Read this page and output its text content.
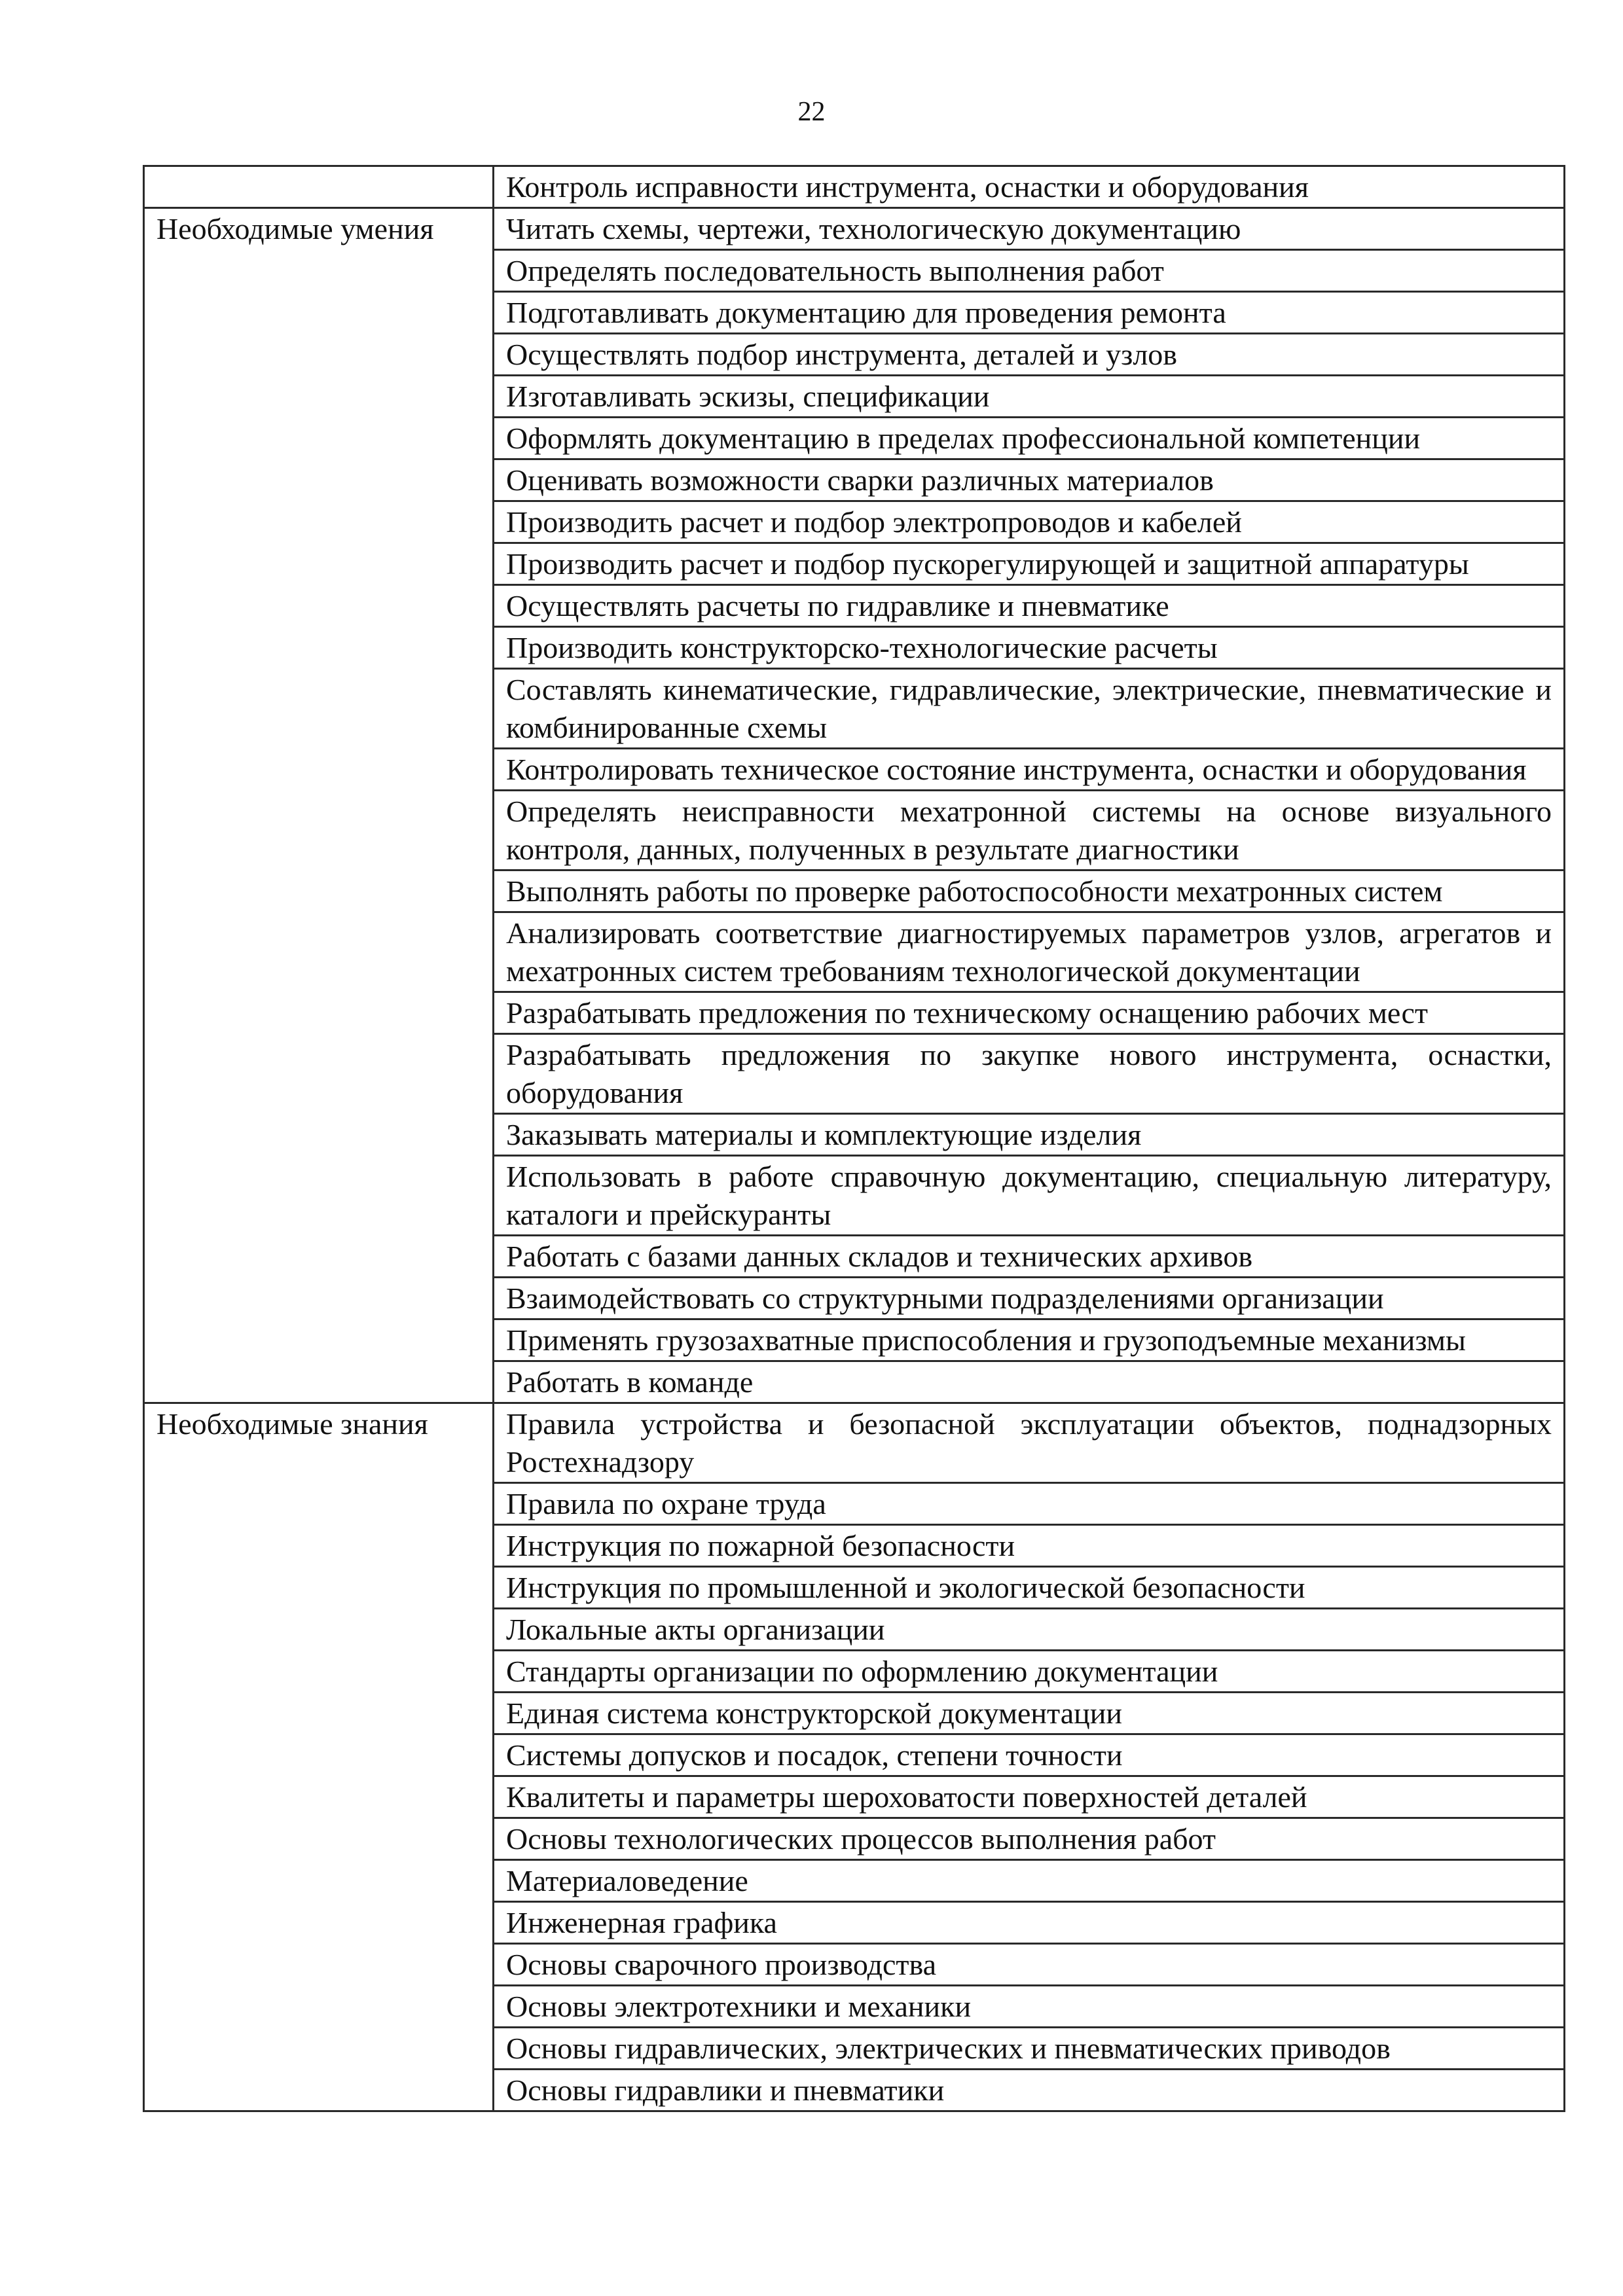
22
	Контроль исправности инструмента, оснастки и оборудования
Необходимые умения	Читать схемы, чертежи, технологическую документацию
	Определять последовательность выполнения работ
	Подготавливать документацию для проведения ремонта
	Осуществлять подбор инструмента, деталей и узлов
	Изготавливать эскизы, спецификации
	Оформлять документацию в пределах профессиональной компетенции
	Оценивать возможности сварки различных материалов
	Производить расчет и подбор электропроводов и кабелей
	Производить расчет и подбор пускорегулирующей и защитной аппаратуры
	Осуществлять расчеты по гидравлике и пневматике
	Производить конструкторско-технологические расчеты
	Составлять кинематические, гидравлические, электрические, пневматические и комбинированные схемы
	Контролировать техническое состояние инструмента, оснастки и оборудования
	Определять неисправности мехатронной системы на основе визуального контроля, данных, полученных в результате диагностики
	Выполнять работы по проверке работоспособности мехатронных систем
	Анализировать соответствие диагностируемых параметров узлов, агрегатов и мехатронных систем требованиям технологической документации
	Разрабатывать предложения по техническому оснащению рабочих мест
	Разрабатывать предложения по закупке нового инструмента, оснастки, оборудования
	Заказывать материалы и комплектующие изделия
	Использовать в работе справочную документацию, специальную литературу, каталоги и прейскуранты
	Работать с базами данных складов и технических архивов
	Взаимодействовать со структурными подразделениями организации
	Применять грузозахватные приспособления и грузоподъемные механизмы
	Работать в команде
Необходимые знания	Правила устройства и безопасной эксплуатации объектов, поднадзорных Ростехнадзору
	Правила по охране труда
	Инструкция по пожарной безопасности
	Инструкция по промышленной и экологической безопасности
	Локальные акты организации
	Стандарты организации по оформлению документации
	Единая система конструкторской документации
	Системы допусков и посадок, степени точности
	Квалитеты и параметры шероховатости поверхностей деталей
	Основы технологических процессов выполнения работ
	Материаловедение
	Инженерная графика
	Основы сварочного производства
	Основы электротехники и механики
	Основы гидравлических, электрических и пневматических приводов
	Основы гидравлики и пневматики
